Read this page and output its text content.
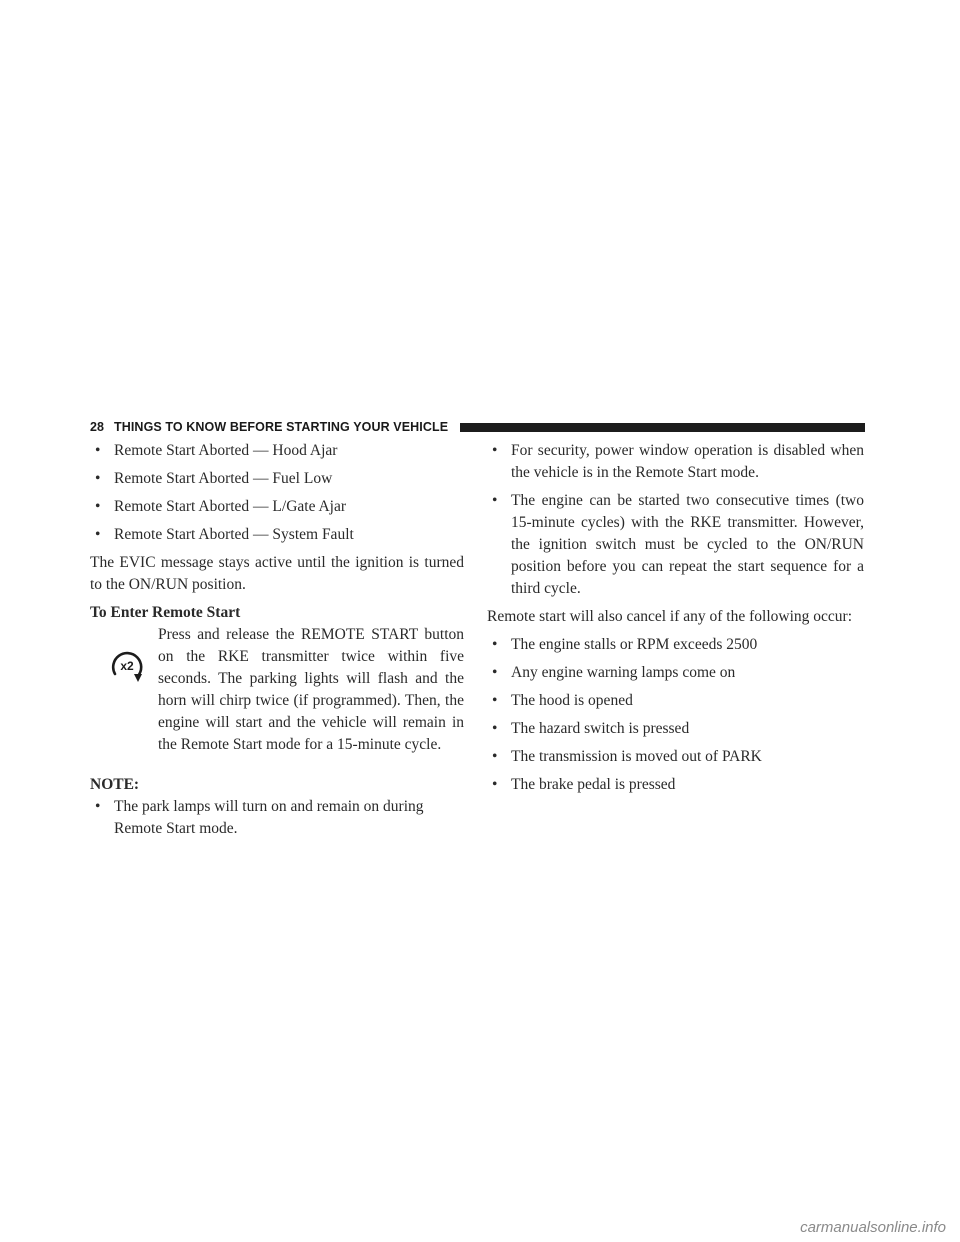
28 THINGS TO KNOW BEFORE STARTING YOUR VEHICLE
• Remote Start Aborted — Hood Ajar
• Remote Start Aborted — Fuel Low
• Remote Start Aborted — L/Gate Ajar
• Remote Start Aborted — System Fault

The EVIC message stays active until the ignition is turned to the ON/RUN position.

To Enter Remote Start
x2

Press and release the REMOTE START button on the RKE transmitter twice within five seconds. The parking lights will flash and the horn will chirp twice (if programmed). Then, the engine will start and the vehicle will remain in the Remote Start mode for a 15-minute cycle.

NOTE:
• The park lamps will turn on and remain on during Remote Start mode.
• For security, power window operation is disabled when the vehicle is in the Remote Start mode.
• The engine can be started two consecutive times (two 15-minute cycles) with the RKE transmitter. However, the ignition switch must be cycled to the ON/RUN position before you can repeat the start sequence for a third cycle.

Remote start will also cancel if any of the following occur:

• The engine stalls or RPM exceeds 2500
• Any engine warning lamps come on
• The hood is opened
• The hazard switch is pressed
• The transmission is moved out of PARK
• The brake pedal is pressed
carmanualsonline.info
